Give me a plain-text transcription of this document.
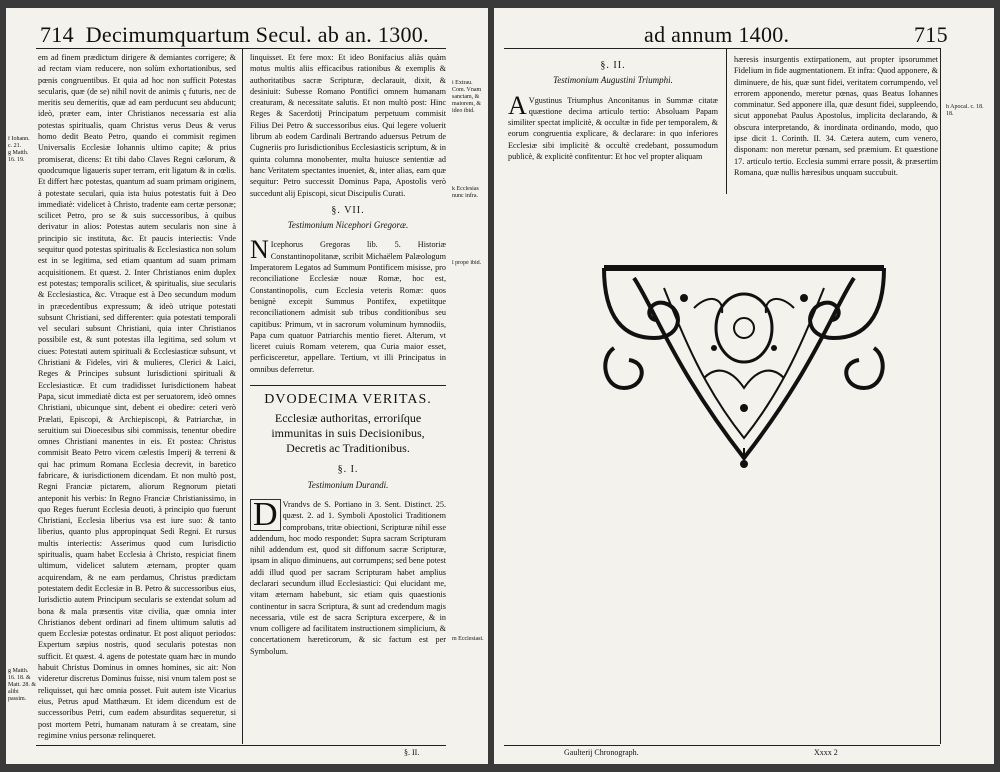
714 Decimumquartum Secul. ab an. 1300.

em ad finem prædictum dirigere & demiantes corrigere; & ad rectam viam reducere, non solùm exhortationibus, sed pœnis congruentibus. Et quia ad hoc non sufficit Potestas secularis, quæ (de se) nihil novit de animis ç futuris, nec de meritis seu demeritis, quæ ad eam perducunt seu abducunt; ideò, præter eam, inter Christianos necessaria est alia potestas spiritualis, quam Christus verus Deus & verus homo dedit Beato Petro, quando ei commisit regimen Universalis Ecclesiæ Iohannis ultimo capite; & prius promiserat, dicens: Et tibi dabo Claves Regni cælorum, & quodcumque ligaueris super terram, erit ligatum & in cœlis. Et differt hæc potestas, quantum ad suam primam originem, à potestate seculari, quia ista huius potestatis fuit à Deo immediatè: videlicet à Christo, tradente eam certæ personæ; scilicet Petro, pro se & suis successoribus, à quibus derivatur in alios: Potestas autem secularis non sine à principio sic instituta, &c. Et paucis interiectis: Vnde sequitur quod potestas spiritualis & Ecclesiastica non solum est in se legitima, sed etiam quantum ad suam primam acquisitionem. Et quæst. 2. Inter Christianos enim duplex est potestas; temporalis scilicet, & spiritualis, siue secularis & Ecclesiastica, &c. Vtraque est à Deo secundum modum in præcedentibus expressum; & ideò utrique potestati subsunt Christiani, sed differenter: quia potestati temporali vel seculari subsunt Christiani, quia inter Christianos possibile est, & sunt potestas illa legitima, sed solum vt ciues: Potestati autem spirituali & Ecclesiasticæ subsunt, vt Christiani & Fideles, viri & mulieres, Clerici & Laici, Reges & Principes subsunt Iurisdictioni spirituali & Ecclesiasticæ. Et cum tradidisset Iurisdictionem habeat Papa, sicut immediatè dicta est per seruatorem, ideò omnes Christiani, ubicunque sint, debent ei obedire: ceteri verò Prælati, Episcopi, & Archiepiscopi, & Patriarchæ, in seruitium sui Dioecesibus sibi commissis, tenentur obedire omnes Christiani manentes in eis. Et postea: Christus commisit Beato Petro vicem cælestis Imperij & terreni & qui hac primum Romana Ecclesia decrevit, in baretico fabricare, & iurisdictionem dicendam. Et non multò post, Regni Franciæ pictarem, aliorum Regnorum pietati anteponit his verbis: In Regno Franciæ Christianissimo, in quo Reges fuerunt Ecclesia deuoti, à principio quo fuerunt Christiani, Ecclesia liberius vsa est iure suo: & tanto liberius, quanto plus appropinquat Sedi Regni. Et rursus multis interiectis: Asserimus quod cum Iurisdictio spiritualis, quam habet Ecclesia à Christo, respiciat finem ultimum, videlicet salutem æternam, propter quam acquirendam, & ne eam perdamus, Christus prædictam potestatem dedit Ecclesiæ in B. Petro & successoribus eius, Iurisdictio autem Principum secularis se extendat solum ad bona & mala præsentis vitæ civilia, quæ omnia inter Christianos debent ordinari ad finem ultimum salutis ad quem Ecclesiæ potestas ordinatur. Et post aliquot periodos: Expertum sæpius nostris, quod secularis potestas non sufficit. Et quæst. 4. agens de potestate quam hæc in mundo habuit Christus Dominus in omnes homines, sic ait: Non videretur discretus Dominus fuisse, nisi vnum talem post se reliquisset, qui hæc omnia posset. Fuit autem iste Vicarius eius, Petrus apud Matthæum. Et idem dicendum est de successoribus Petri, cum eadem absurditas sequeretur, si post mortem Petri, humanam naturam à se creatam, sine regimine vnius personæ relinqueret.

linquisset. Et fere mox: Et ideo Bonifacius aliàs quàm motus multis aliis efficacibus rationibus & exemplis & authoritatibus sacræ Scripturæ, declarauit, dixit, & desiniuit: Subesse Romano Pontifici omnem humanam creaturam, & necessitate salutis. Et non multò post: Hinc Reges & Sacerdotij Principatum perpetuum commisit Filius Dei Petro & successoribus eius. Qui legere voluerit librum ab eodem Cardinali Bertrando aduersus Petrum de Cugneriis pro Iurisdictionibus Ecclesiasticis scriptum, & in quinta columna monobenter, multa huiusce sententiæ ad hanc Veritatem spectantes inueniet, &, inter alias, eam quæ sequitur: Petro successit Dominus Papa, Apostolis verò succedunt alij Episcopi, sicut Discipulis Curati.

§. VII.
Testimonium Nicephori Gregoræ.

N Icephorus Gregoras lib. 5. Historiæ Constantinopolitanæ, scribit Michaëlem Palæologum Imperatorem Legatos ad Summum Pontificem misisse, pro reconciliatione Ecclesiæ nouæ Romæ, hoc est, Constantinopolis, cum Ecclesia veteris Romæ: quos benignè excepit Summus Pontifex, expetiitque reconciliationem admisit sub tribus conditionibus seu capitibus: Primum, vt in sacrorum voluminum hymnodiis, Papa cum quatuor Patriarchis mentio fieret. Alterum, vt liceret cuiuis Romam veterem, qua Curia maior esset, perficisceretur, appellare. Tertium, vt illi Principatus in omnibus deferretur.

DVODECIMA VERITAS.
Ecclesiæ authoritas, erroriſque immunitas in suis Decisionibus, Decretis ac Traditionibus.
§. I.
Testimonium Durandi.

D Vrandvs de S. Portiano in 3. Sent. Distinct. 25. quæst. 2. ad 1. Symboli Apostolici Traditionem comprobans, tritæ obiectioni, Scripturæ nihil esse addendum, hoc modo respondet: Supra sacram Scripturam nihil addendum est, quod sit diffonum sacræ Scripturæ, ipsam in aliquo diminuens, aut corrumpens; sed bene potest addi illud quod per sacram Scripturam habet amplius declarari secundum illud Ecclesiastici: Qui elucidant me, vitam æternam habebunt, sic etiam quis quaestionis continentur in sacra Scriptura, & sunt ad credendum magis necessaria, vtile est de sacra Scriptura excerpere, & in vnum colligere ad facilitatem instructionem simplicium, & concertationem hæreticorum, & sic factum est per Symbolum.

f Iohann.
c. 21.
g Matth. 16. 19.
i Extrau. Com. Vnam sanctam, & maiorem, & ideo ibid.
k Ecclesias nunc infra.
l propè ibid.
m Ecclesiast.
g Matth. 16. 18. & Matt. 28. & alibi passim.
§. II.
ad annum 1400.	715
§. II.
Testimonium Augustini Triumphi.

A Vgustinus Triumphus Anconitanus in Summæ citatæ quæstione decima articulo tertio: Absoluam Papam similiter spectat implicitè, & occultæ in fide per temporalem, & eorum congruentia explicare, & declarare: in quo inferiores Ecclesiæ sibi implicitè & occultè credebant, possumodum publicè, & explicitè confitentur: Et hoc vel propter aliquam

hæresis insurgentis extirpationem, aut propter ipsorummet Fidelium in fide augmentationem. Et infra: Quod apponere, & diminuere, de his, quæ sunt fidei, veritatem corrumpendo, vel errorem apponendo, meretur pœnas, quas Beatus Iohannes comminatur. Sed apponere illa, quæ desunt fidei, suppleendo, sicut apponebat Paulus Apostolus, implicita declarando, & obscura interpretando, & inordinata ordinando, modo, quo ipse dicit 1. Corinth. II. 34. Cætera autem, cum venero, disponam: non meretur pœnam, sed præmium. Et quæstione 17. articulo tertio. Ecclesia summi errare possit, & præsertim Romana, quæ nullis hæresibus unquam succubuit.

h Apocal. c. 18. 18.
Gaulterij Chronograph.	Xxxx 2
